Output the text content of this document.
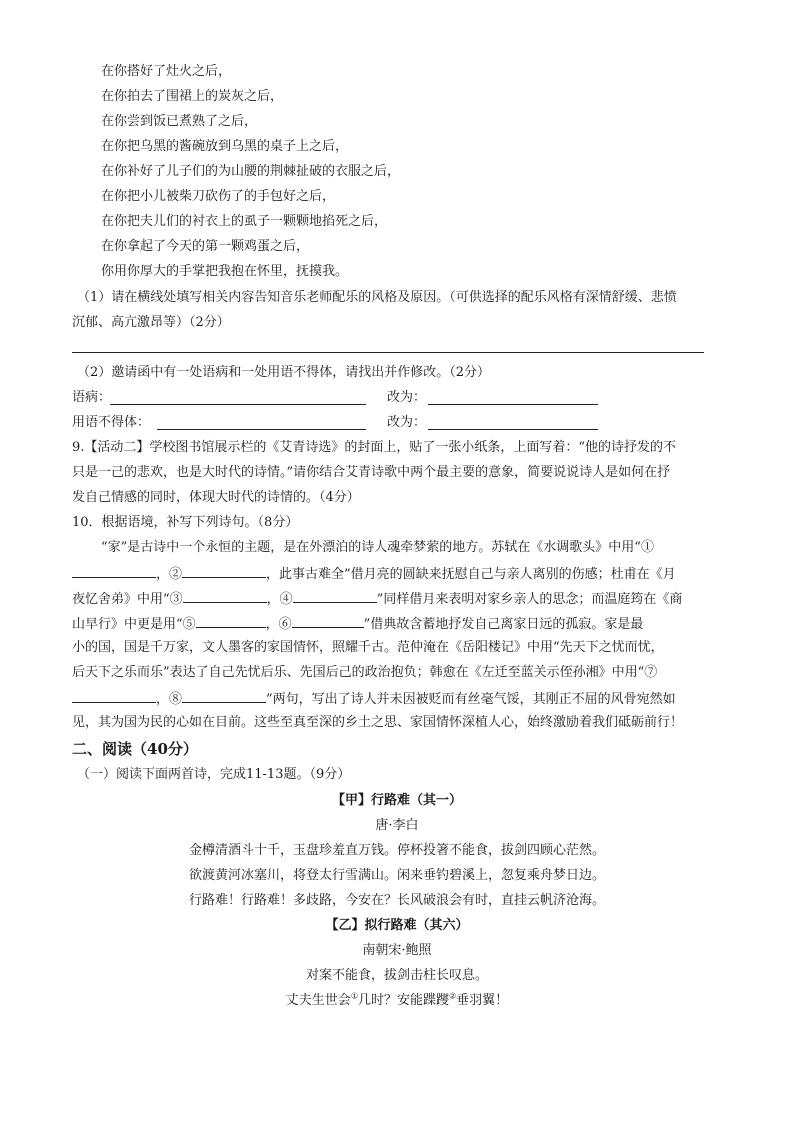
在你搭好了灶火之后，
在你拍去了围裙上的炭灰之后，
在你尝到饭已煮熟了之后，
在你把乌黑的酱碗放到乌黑的桌子上之后，
在你补好了儿子们的为山腰的荆棘扯破的衣服之后，
在你把小儿被柴刀砍伤了的手包好之后，
在你把夫儿们的衬衣上的虱子一颗颗地掐死之后，
在你拿起了今天的第一颗鸡蛋之后，
你用你厚大的手掌把我抱在怀里，抚摸我。
（1）请在横线处填写相关内容告知音乐老师配乐的风格及原因。（可供选择的配乐风格有深情舒缓、悲愤
沉郁、高亢激昂等）（2分）
（2）邀请函中有一处语病和一处用语不得体，请找出并作修改。（2分）
语病：	改为：
用语不得体：	改为：
9.【活动二】学校图书馆展示栏的《艾青诗选》的封面上，贴了一张小纸条，上面写着：“他的诗抒发的不
只是一己的悲欢，也是大时代的诗情。”请你结合艾青诗歌中两个最主要的意象，简要说说诗人是如何在抒
发自己情感的同时，体现大时代的诗情的。（4分）
10．根据语境，补写下列诗句。（8分）
“家”是古诗中一个永恒的主题，是在外漂泊的诗人魂牵梦萦的地方。苏轼在《水调歌头》中用“①
，②	，此事古难全”借月亮的圆缺来抚慰自己与亲人离别的伤感；杜甫在《月
夜忆舍弟》中用“③	，④	”同样借月来表明对家乡亲人的思念；而温庭筠在《商
山早行》中更是用“⑤	，⑥	”借典故含蓄地抒发自己离家日远的孤寂。家是最
小的国，国是千万家，文人墨客的家国情怀，照耀千古。范仲淹在《岳阳楼记》中用“先天下之忧而忧，
后天下之乐而乐”表达了自己先忧后乐、先国后己的政治抱负；韩愈在《左迁至蓝关示侄孙湘》中用“⑦
，⑧	”两句，写出了诗人并未因被贬而有丝毫气馁，其刚正不屈的风骨宛然如
见，其为国为民的心如在目前。这些至真至深的乡土之思、家国情怀深植人心，始终激励着我们砥砺前行！
二、阅读（40分）
（一）阅读下面两首诗，完成11-13题。（9分）
【甲】行路难（其一）
唐·李白
金樽清酒斗十千，玉盘珍羞直万钱。停杯投箸不能食，拔剑四顾心茫然。
欲渡黄河冰塞川，将登太行雪满山。闲来垂钓碧溪上，忽复乘舟梦日边。
行路难！行路难！多歧路，今安在？长风破浪会有时，直挂云帆济沧海。
【乙】拟行路难（其六）
南朝宋·鲍照
对案不能食，拔剑击柱长叹息。
丈夫生世会①几时？安能蹀躞②垂羽翼！
